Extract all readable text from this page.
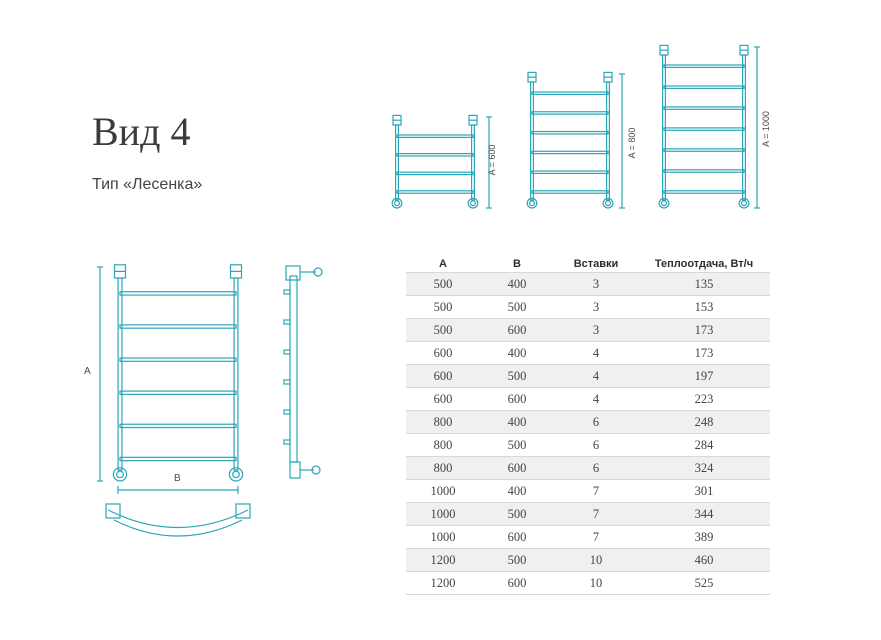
Вид 4

Тип «Лесенка»

A = 600
A = 800	A = 1000
A
B
A	B	Вставки	Теплоотдача, Вт/ч
500	400	3	135
500	500	3	153
500	600	3	173
600	400	4	173
600	500	4	197
600	600	4	223
800	400	6	248
800	500	6	284
800	600	6	324
1000	400	7	301
1000	500	7	344
1000	600	7	389
1200	500	10	460
1200	600	10	525
